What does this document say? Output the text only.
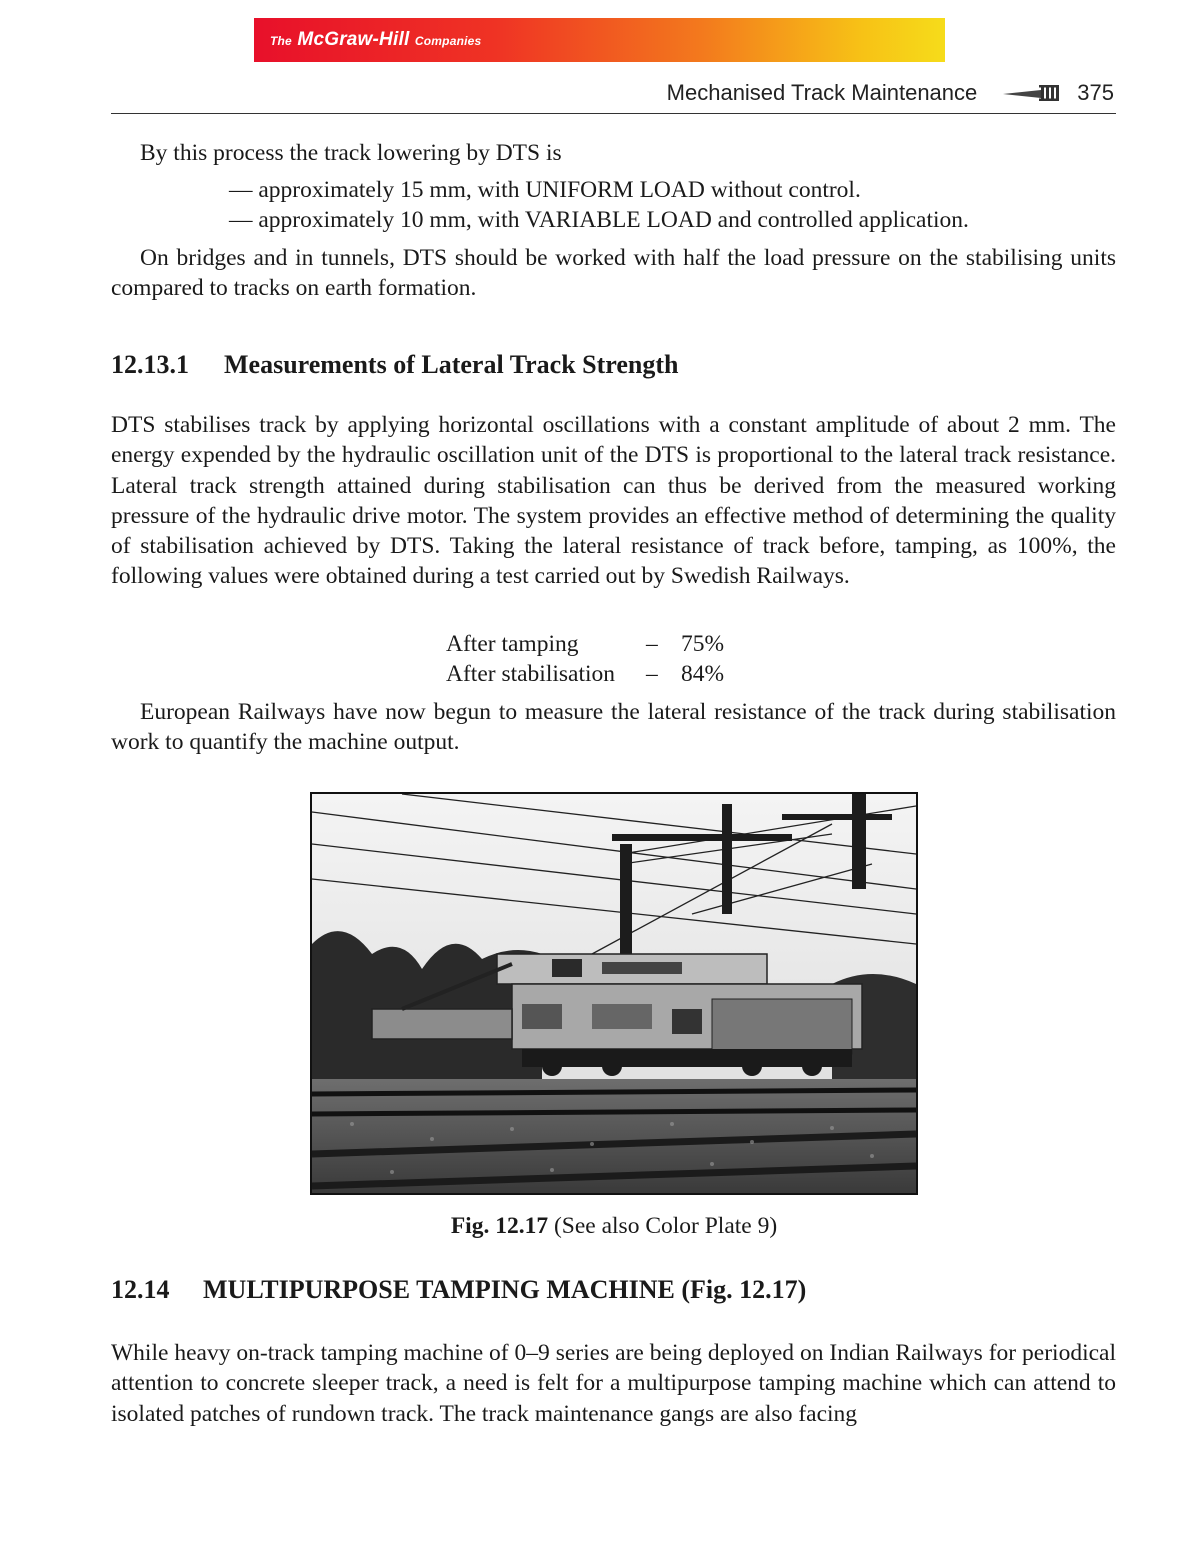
The McGraw-Hill Companies
Mechanised Track Maintenance	375
By this process the track lowering by DTS is
— approximately 15 mm, with UNIFORM LOAD without control.
— approximately 10 mm, with VARIABLE LOAD and controlled application.
On bridges and in tunnels, DTS should be worked with half the load pressure on the stabilising units compared to tracks on earth formation.
12.13.1 Measurements of Lateral Track Strength
DTS stabilises track by applying horizontal oscillations with a constant amplitude of about 2 mm. The energy expended by the hydraulic oscillation unit of the DTS is proportional to the lateral track resistance. Lateral track strength attained during stabilisation can thus be derived from the measured working pressure of the hydraulic drive motor. The system provides an effective method of determining the quality of stabilisation achieved by DTS. Taking the lateral resistance of track before, tamping, as 100%, the following values were obtained during a test carried out by Swedish Railways.
After tamping	– 75%
After stabilisation	– 84%
European Railways have now begun to measure the lateral resistance of the track during stabilisation work to quantify the machine output.
Fig. 12.17 (See also Color Plate 9)
12.14 MULTIPURPOSE TAMPING MACHINE (Fig. 12.17)
While heavy on-track tamping machine of 0–9 series are being deployed on Indian Railways for periodical attention to concrete sleeper track, a need is felt for a multipurpose tamping machine which can attend to isolated patches of rundown track. The track maintenance gangs are also facing
